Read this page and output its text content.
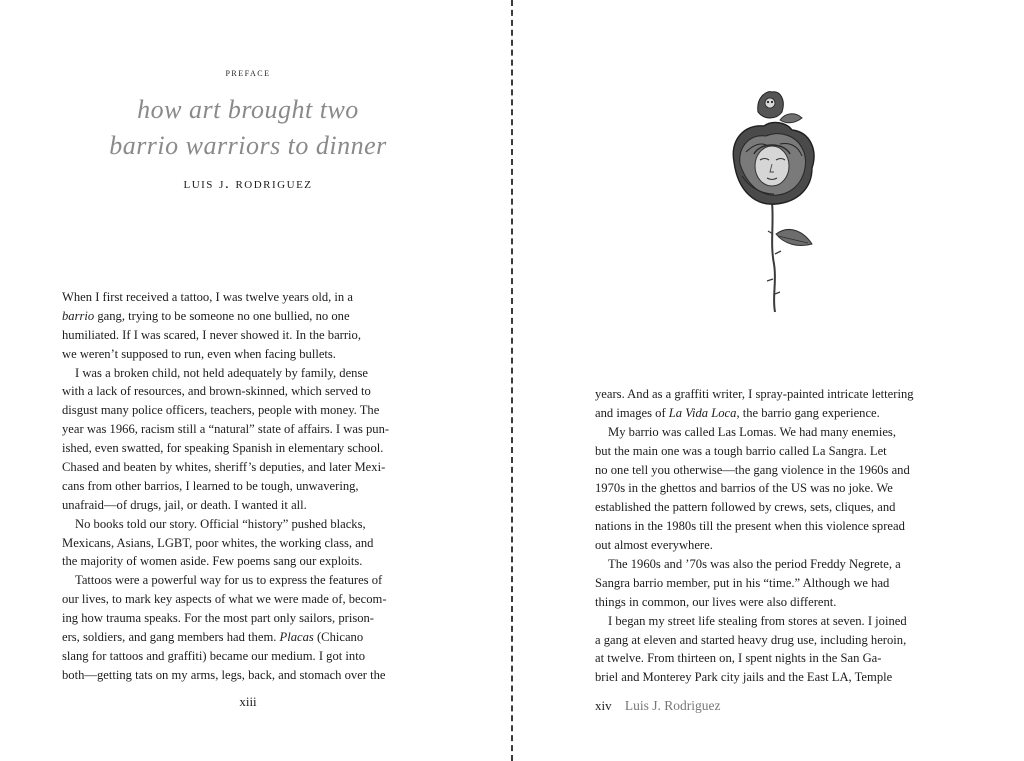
preface
how art brought two
barrio warriors to dinner
luis j. rodriguez
When I first received a tattoo, I was twelve years old, in a
barrio gang, trying to be someone no one bullied, no one
humiliated. If I was scared, I never showed it. In the barrio,
we weren’t supposed to run, even when facing bullets.
I was a broken child, not held adequately by family, dense
with a lack of resources, and brown-skinned, which served to
disgust many police officers, teachers, people with money. The
year was 1966, racism still a “natural” state of affairs. I was pun-
ished, even swatted, for speaking Spanish in elementary school.
Chased and beaten by whites, sheriff’s deputies, and later Mexi-
cans from other barrios, I learned to be tough, unwavering,
unafraid—of drugs, jail, or death. I wanted it all.
No books told our story. Official “history” pushed blacks,
Mexicans, Asians, LGBT, poor whites, the working class, and
the majority of women aside. Few poems sang our exploits.
Tattoos were a powerful way for us to express the features of
our lives, to mark key aspects of what we were made of, becom-
ing how trauma speaks. For the most part only sailors, prison-
ers, soldiers, and gang members had them. Placas (Chicano
slang for tattoos and graffiti) became our medium. I got into
both—getting tats on my arms, legs, back, and stomach over the
xiii
years. And as a graffiti writer, I spray-painted intricate lettering
and images of La Vida Loca, the barrio gang experience.
My barrio was called Las Lomas. We had many enemies,
but the main one was a tough barrio called La Sangra. Let
no one tell you otherwise—the gang violence in the 1960s and
1970s in the ghettos and barrios of the US was no joke. We
established the pattern followed by crews, sets, cliques, and
nations in the 1980s till the present when this violence spread
out almost everywhere.
The 1960s and ’70s was also the period Freddy Negrete, a
Sangra barrio member, put in his “time.” Although we had
things in common, our lives were also different.
I began my street life stealing from stores at seven. I joined
a gang at eleven and started heavy drug use, including heroin,
at twelve. From thirteen on, I spent nights in the San Ga-
briel and Monterey Park city jails and the East LA, Temple
xiv Luis J. Rodriguez
